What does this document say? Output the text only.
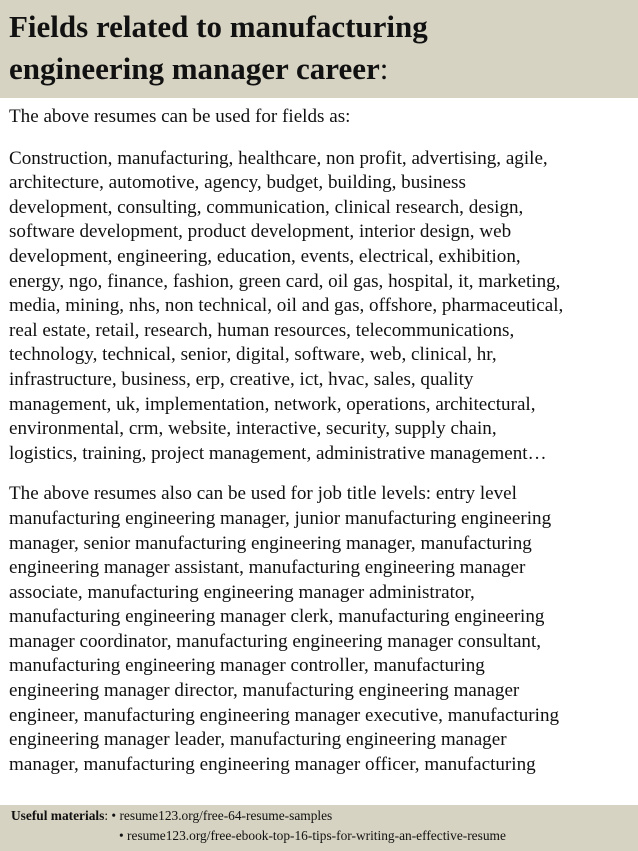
Fields related to manufacturing
engineering manager career:

The above resumes can be used for fields as:

Construction, manufacturing, healthcare, non profit, advertising, agile,
architecture, automotive, agency, budget, building, business
development, consulting, communication, clinical research, design,
software development, product development, interior design, web
development, engineering, education, events, electrical, exhibition,
energy, ngo, finance, fashion, green card, oil gas, hospital, it, marketing,
media, mining, nhs, non technical, oil and gas, offshore, pharmaceutical,
real estate, retail, research, human resources, telecommunications,
technology, technical, senior, digital, software, web, clinical, hr,
infrastructure, business, erp, creative, ict, hvac, sales, quality
management, uk, implementation, network, operations, architectural,
environmental, crm, website, interactive, security, supply chain,
logistics, training, project management, administrative management…

The above resumes also can be used for job title levels: entry level
manufacturing engineering manager, junior manufacturing engineering
manager, senior manufacturing engineering manager, manufacturing
engineering manager assistant, manufacturing engineering manager
associate, manufacturing engineering manager administrator,
manufacturing engineering manager clerk, manufacturing engineering
manager coordinator, manufacturing engineering manager consultant,
manufacturing engineering manager controller, manufacturing
engineering manager director, manufacturing engineering manager
engineer, manufacturing engineering manager executive, manufacturing
engineering manager leader, manufacturing engineering manager
manager, manufacturing engineering manager officer, manufacturing

Useful materials: • resume123.org/free-64-resume-samples
• resume123.org/free-ebook-top-16-tips-for-writing-an-effective-resume
